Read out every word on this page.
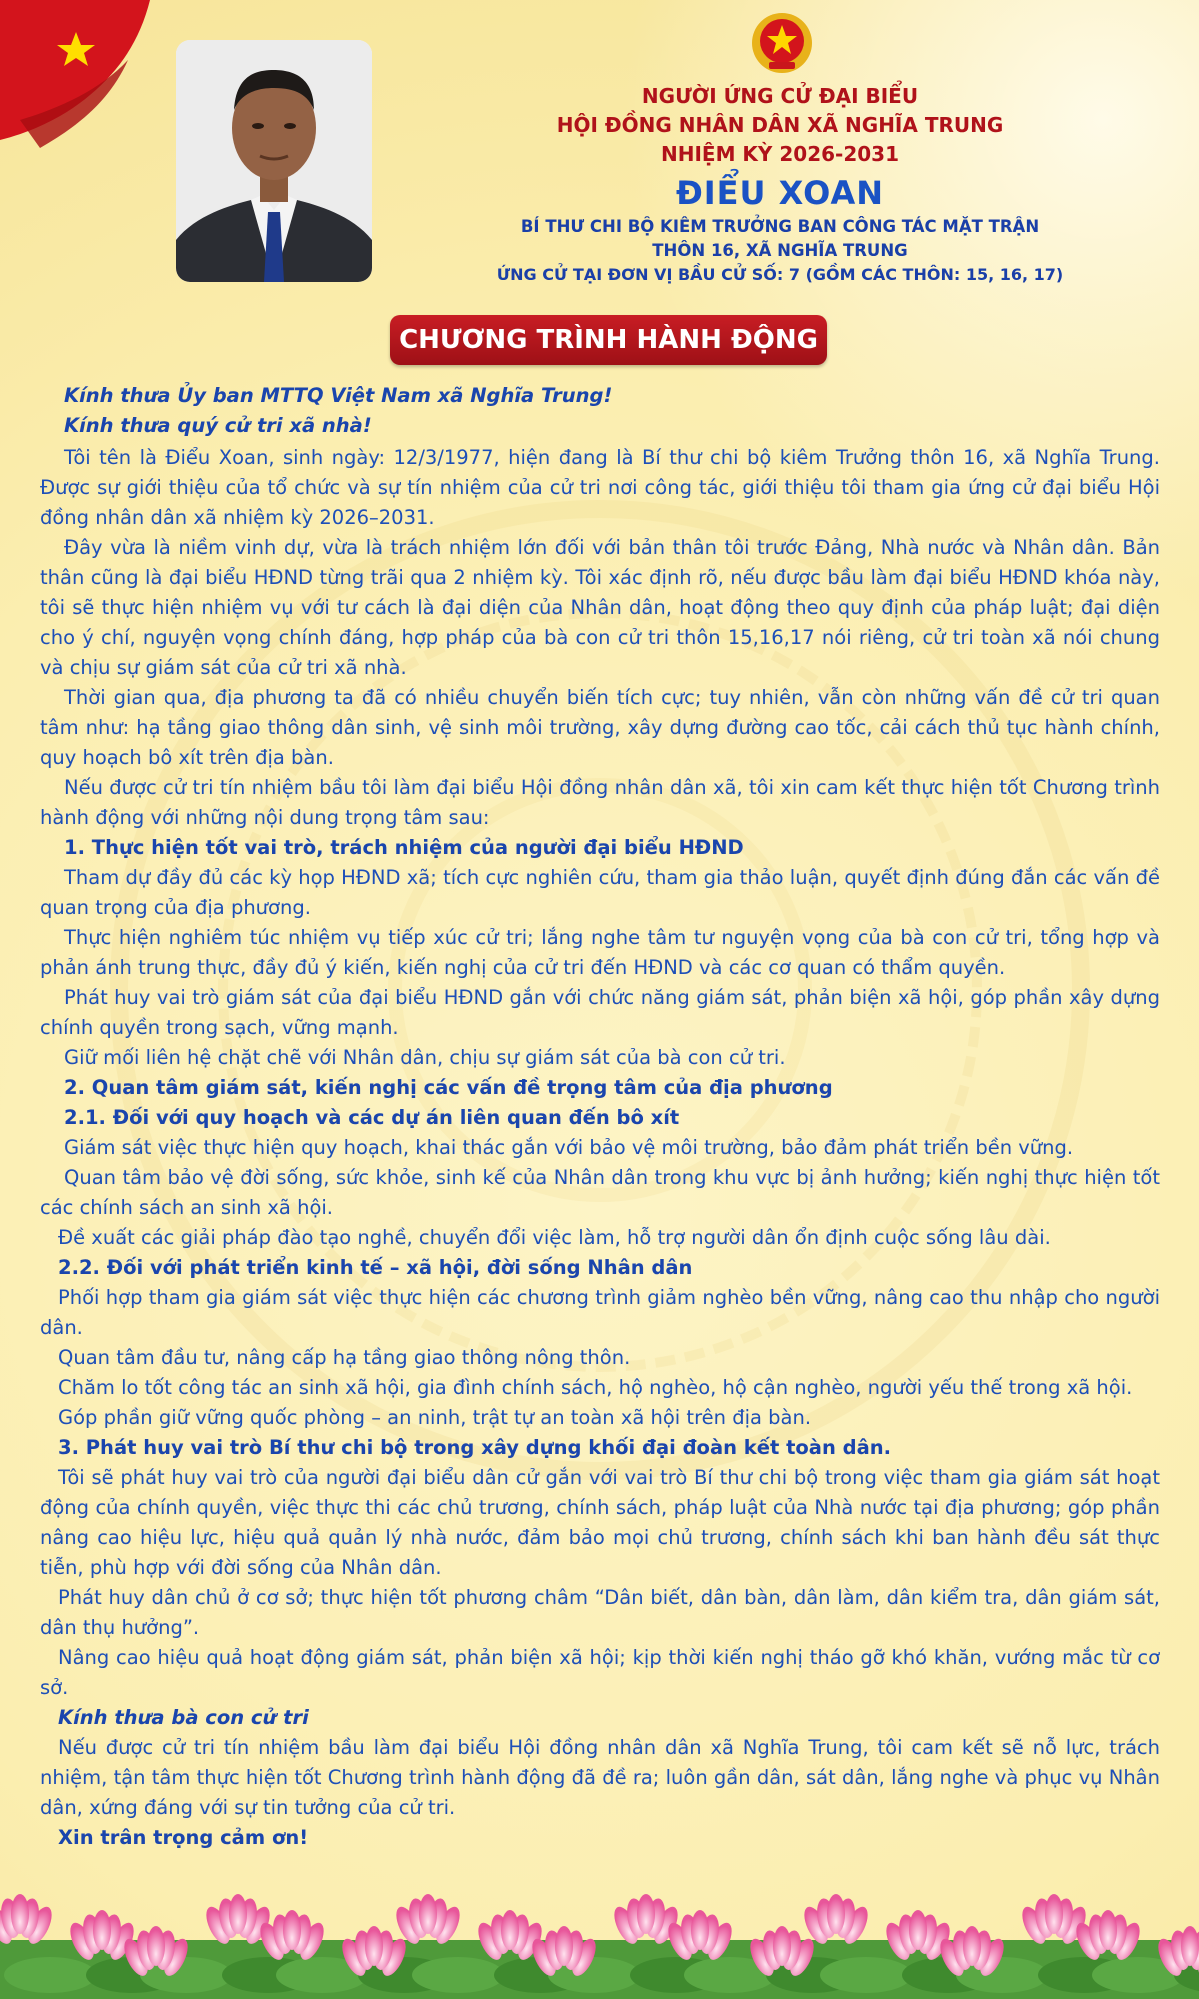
NGƯỜI ỨNG CỬ ĐẠI BIỂU
HỘI ĐỒNG NHÂN DÂN XÃ NGHĨA TRUNG
NHIỆM KỲ 2026-2031
ĐIỂU XOAN
BÍ THƯ CHI BỘ KIÊM TRƯỞNG BAN CÔNG TÁC MẶT TRẬN
THÔN 16, XÃ NGHĨA TRUNG
ỨNG CỬ TẠI ĐƠN VỊ BẦU CỬ SỐ: 7 (GỒM CÁC THÔN: 15, 16, 17)
CHƯƠNG TRÌNH HÀNH ĐỘNG

Kính thưa Ủy ban MTTQ Việt Nam xã Nghĩa Trung!

Kính thưa quý cử tri xã nhà!

Tôi tên là Điểu Xoan, sinh ngày: 12/3/1977, hiện đang là Bí thư chi bộ kiêm Trưởng thôn 16, xã Nghĩa Trung. Được sự giới thiệu của tổ chức và sự tín nhiệm của cử tri nơi công tác, giới thiệu tôi tham gia ứng cử đại biểu Hội đồng nhân dân xã nhiệm kỳ 2026–2031.

Đây vừa là niềm vinh dự, vừa là trách nhiệm lớn đối với bản thân tôi trước Đảng, Nhà nước và Nhân dân. Bản thân cũng là đại biểu HĐND từng trãi qua 2 nhiệm kỳ. Tôi xác định rõ, nếu được bầu làm đại biểu HĐND khóa này, tôi sẽ thực hiện nhiệm vụ với tư cách là đại diện của Nhân dân, hoạt động theo quy định của pháp luật; đại diện cho ý chí, nguyện vọng chính đáng, hợp pháp của bà con cử tri thôn 15,16,17 nói riêng, cử tri toàn xã nói chung và chịu sự giám sát của cử tri xã nhà.

Thời gian qua, địa phương ta đã có nhiều chuyển biến tích cực; tuy nhiên, vẫn còn những vấn đề cử tri quan tâm như: hạ tầng giao thông dân sinh, vệ sinh môi trường, xây dựng đường cao tốc, cải cách thủ tục hành chính, quy hoạch bô xít trên địa bàn.

Nếu được cử tri tín nhiệm bầu tôi làm đại biểu Hội đồng nhân dân xã, tôi xin cam kết thực hiện tốt Chương trình hành động với những nội dung trọng tâm sau:

1. Thực hiện tốt vai trò, trách nhiệm của người đại biểu HĐND

Tham dự đầy đủ các kỳ họp HĐND xã; tích cực nghiên cứu, tham gia thảo luận, quyết định đúng đắn các vấn đề quan trọng của địa phương.

Thực hiện nghiêm túc nhiệm vụ tiếp xúc cử tri; lắng nghe tâm tư nguyện vọng của bà con cử tri, tổng hợp và phản ánh trung thực, đầy đủ ý kiến, kiến nghị của cử tri đến HĐND và các cơ quan có thẩm quyền.

Phát huy vai trò giám sát của đại biểu HĐND gắn với chức năng giám sát, phản biện xã hội, góp phần xây dựng chính quyền trong sạch, vững mạnh.

Giữ mối liên hệ chặt chẽ với Nhân dân, chịu sự giám sát của bà con cử tri.

2. Quan tâm giám sát, kiến nghị các vấn đề trọng tâm của địa phương

2.1. Đối với quy hoạch và các dự án liên quan đến bô xít

Giám sát việc thực hiện quy hoạch, khai thác gắn với bảo vệ môi trường, bảo đảm phát triển bền vững.

Quan tâm bảo vệ đời sống, sức khỏe, sinh kế của Nhân dân trong khu vực bị ảnh hưởng; kiến nghị thực hiện tốt các chính sách an sinh xã hội.

Đề xuất các giải pháp đào tạo nghề, chuyển đổi việc làm, hỗ trợ người dân ổn định cuộc sống lâu dài.

2.2. Đối với phát triển kinh tế – xã hội, đời sống Nhân dân

Phối hợp tham gia giám sát việc thực hiện các chương trình giảm nghèo bền vững, nâng cao thu nhập cho người dân.

Quan tâm đầu tư, nâng cấp hạ tầng giao thông nông thôn.

Chăm lo tốt công tác an sinh xã hội, gia đình chính sách, hộ nghèo, hộ cận nghèo, người yếu thế trong xã hội.

Góp phần giữ vững quốc phòng – an ninh, trật tự an toàn xã hội trên địa bàn.

3. Phát huy vai trò Bí thư chi bộ trong xây dựng khối đại đoàn kết toàn dân.

Tôi sẽ phát huy vai trò của người đại biểu dân cử gắn với vai trò Bí thư chi bộ trong việc tham gia giám sát hoạt động của chính quyền, việc thực thi các chủ trương, chính sách, pháp luật của Nhà nước tại địa phương; góp phần nâng cao hiệu lực, hiệu quả quản lý nhà nước, đảm bảo mọi chủ trương, chính sách khi ban hành đều sát thực tiễn, phù hợp với đời sống của Nhân dân.

Phát huy dân chủ ở cơ sở; thực hiện tốt phương châm “Dân biết, dân bàn, dân làm, dân kiểm tra, dân giám sát, dân thụ hưởng”.

Nâng cao hiệu quả hoạt động giám sát, phản biện xã hội; kịp thời kiến nghị tháo gỡ khó khăn, vướng mắc từ cơ sở.

Kính thưa bà con cử tri

Nếu được cử tri tín nhiệm bầu làm đại biểu Hội đồng nhân dân xã Nghĩa Trung, tôi cam kết sẽ nỗ lực, trách nhiệm, tận tâm thực hiện tốt Chương trình hành động đã đề ra; luôn gần dân, sát dân, lắng nghe và phục vụ Nhân dân, xứng đáng với sự tin tưởng của cử tri.

Xin trân trọng cảm ơn!
